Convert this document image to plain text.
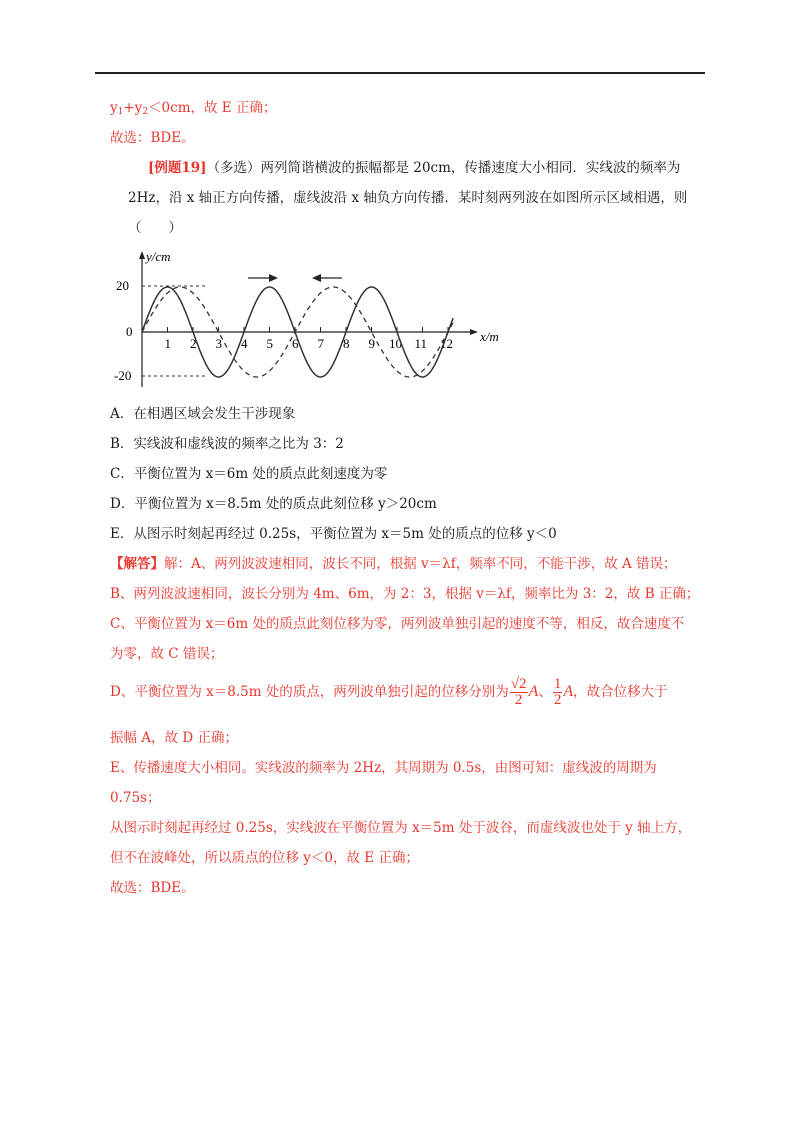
$y_1+y_2<0cm$，故 E 正确；
故选：BDE。
[例题19]（多选）两列简谐横波的振幅都是 20cm，传播速度大小相同．实线波的频率为
2Hz，沿 x 轴正方向传播，虚线波沿 x 轴负方向传播．某时刻两列波在如图所示区域相遇，则
（　　）
y/cm
x/m
20
0
-20
1 2 3 4 5 6 7 8 9 10 11 12
A．在相遇区域会发生干涉现象
B．实线波和虚线波的频率之比为 3：2
C．平衡位置为 x＝6m 处的质点此刻速度为零
D．平衡位置为 x＝8.5m 处的质点此刻位移 y＞20cm
E．从图示时刻起再经过 0.25s，平衡位置为 x＝5m 处的质点的位移 y＜0
【解答】解：A、两列波波速相同，波长不同，根据 v＝λf，频率不同，不能干涉，故 A 错误；
B、两列波波速相同，波长分别为 4m、6m，为 2：3，根据 v＝λf，频率比为 3：2，故 B 正确；
C、平衡位置为 x＝6m 处的质点此刻位移为零，两列波单独引起的速度不等，相反，故合速度不
为零，故 C 错误；
D、平衡位置为 x＝8.5m 处的质点，两列波单独引起的位移分别为 $\frac{√2}{2}$ A、 $\frac{1}{2}$ A，故合位移大于
振幅 A，故 D 正确；
E、传播速度大小相同。实线波的频率为 2Hz，其周期为 0.5s，由图可知：虚线波的周期为
0.75s；
从图示时刻起再经过 0.25s，实线波在平衡位置为 x＝5m 处于波谷，而虚线波也处于 y 轴上方，
但不在波峰处，所以质点的位移 y＜0，故 E 正确；
故选：BDE。
